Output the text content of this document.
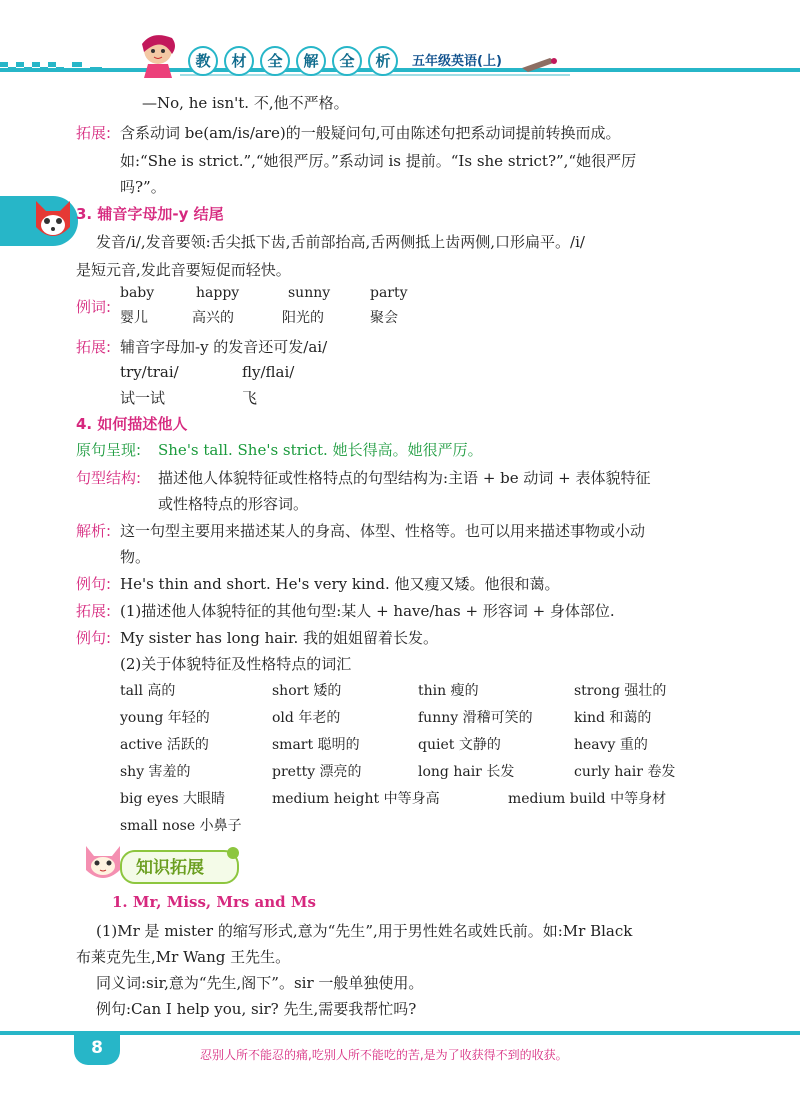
教	材	全	解	全	析	五年级英语(上)
—No, he isn't. 不,他不严格。
拓展: 含系动词 be(am/is/are)的一般疑问句,可由陈述句把系动词提前转换而成。
如:“She is strict.”,“她很严厉。”系动词 is 提前。“Is she strict?”,“她很严厉
吗?”。
3. 辅音字母加-y 结尾
发音/i/,发音要领:舌尖抵下齿,舌前部抬高,舌两侧抵上齿两侧,口形扁平。/i/
是短元音,发此音要短促而轻快。
例词:
baby	happy	sunny	party
婴儿	高兴的	阳光的	聚会
拓展: 辅音字母加-y 的发音还可发/ai/
try/trai/	fly/flai/
试一试	飞
4. 如何描述他人
原句呈现: She's tall. She's strict. 她长得高。她很严厉。
句型结构: 描述他人体貌特征或性格特点的句型结构为:主语 + be 动词 + 表体貌特征
或性格特点的形容词。
解析: 这一句型主要用来描述某人的身高、体型、性格等。也可以用来描述事物或小动
物。
例句: He's thin and short. He's very kind. 他又瘦又矮。他很和蔼。
拓展: (1)描述他人体貌特征的其他句型:某人 + have/has + 形容词 + 身体部位.
例句: My sister has long hair. 我的姐姐留着长发。
(2)关于体貌特征及性格特点的词汇
tall 高的	short 矮的	thin 瘦的	strong 强壮的
young 年轻的	old 年老的	funny 滑稽可笑的	kind 和蔼的
active 活跃的	smart 聪明的	quiet 文静的	heavy 重的
shy 害羞的	pretty 漂亮的	long hair 长发	curly hair 卷发
big eyes 大眼睛	medium height 中等身高	medium build 中等身材
small nose 小鼻子
知识拓展
1. Mr, Miss, Mrs and Ms
(1)Mr 是 mister 的缩写形式,意为“先生”,用于男性姓名或姓氏前。如:Mr Black
布莱克先生,Mr Wang 王先生。
同义词:sir,意为“先生,阁下”。sir 一般单独使用。
例句:Can I help you, sir? 先生,需要我帮忙吗?
8	忍别人所不能忍的痛,吃别人所不能吃的苦,是为了收获得不到的收获。
